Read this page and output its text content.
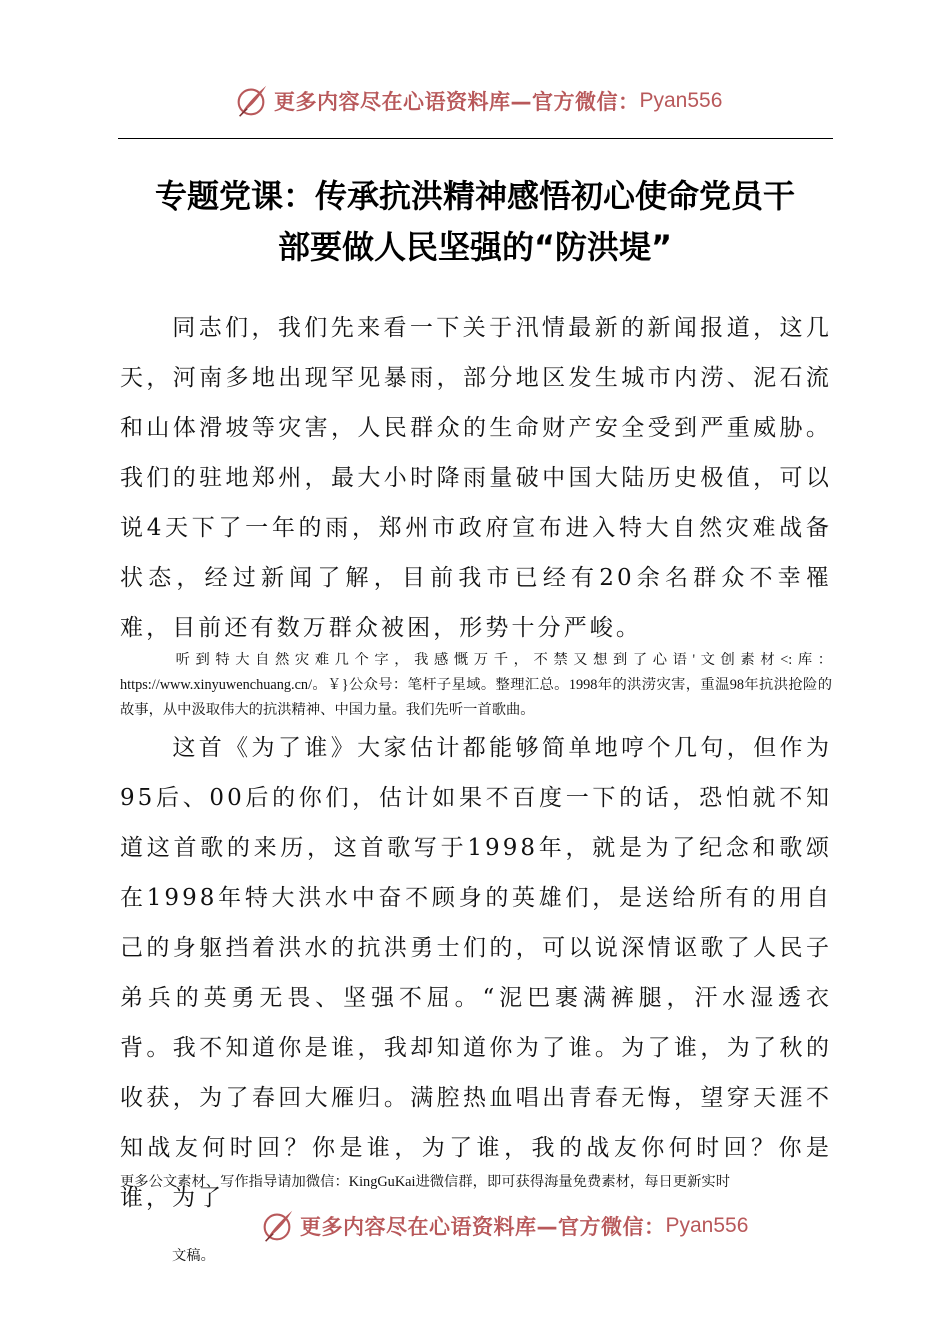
更多内容尽在心语资料库—官方微信： Pyan556
专题党课：传承抗洪精神感悟初心使命党员干
部要做人民坚强的“防洪堤”

同志们，我们先来看一下关于汛情最新的新闻报道，这几天，河南多地出现罕见暴雨，部分地区发生城市内涝、泥石流和山体滑坡等灾害，人民群众的生命财产安全受到严重威胁。我们的驻地郑州，最大小时降雨量破中国大陆历史极值，可以说4天下了一年的雨，郑州市政府宣布进入特大自然灾难战备状态，经过新闻了解，目前我市已经有20余名群众不幸罹难，目前还有数万群众被困，形势十分严峻。

听到特大自然灾难几个字，我感慨万千，不禁又想到了心语'文创素材<:库：https://www.xinyuwenchuang.cn/。￥}公众号：笔杆子星域。整理汇总。1998年的洪涝灾害，重温98年抗洪抢险的故事，从中汲取伟大的抗洪精神、中国力量。我们先听一首歌曲。

这首《为了谁》大家估计都能够简单地哼个几句，但作为95后、00后的你们，估计如果不百度一下的话，恐怕就不知道这首歌的来历，这首歌写于1998年，就是为了纪念和歌颂在1998年特大洪水中奋不顾身的英雄们，是送给所有的用自己的身躯挡着洪水的抗洪勇士们的，可以说深情讴歌了人民子弟兵的英勇无畏、坚强不屈。“泥巴裹满裤腿，汗水湿透衣背。我不知道你是谁，我却知道你为了谁。为了谁，为了秋的收获，为了春回大雁归。满腔热血唱出青春无悔，望穿天涯不知战友何时回？你是谁，为了谁，我的战友你何时回？你是谁，为了

更多公文素材、写作指导请加微信：KingGuKai进微信群，即可获得海量免费素材，每日更新实时
更多内容尽在心语资料库—官方微信： Pyan556
文稿。
